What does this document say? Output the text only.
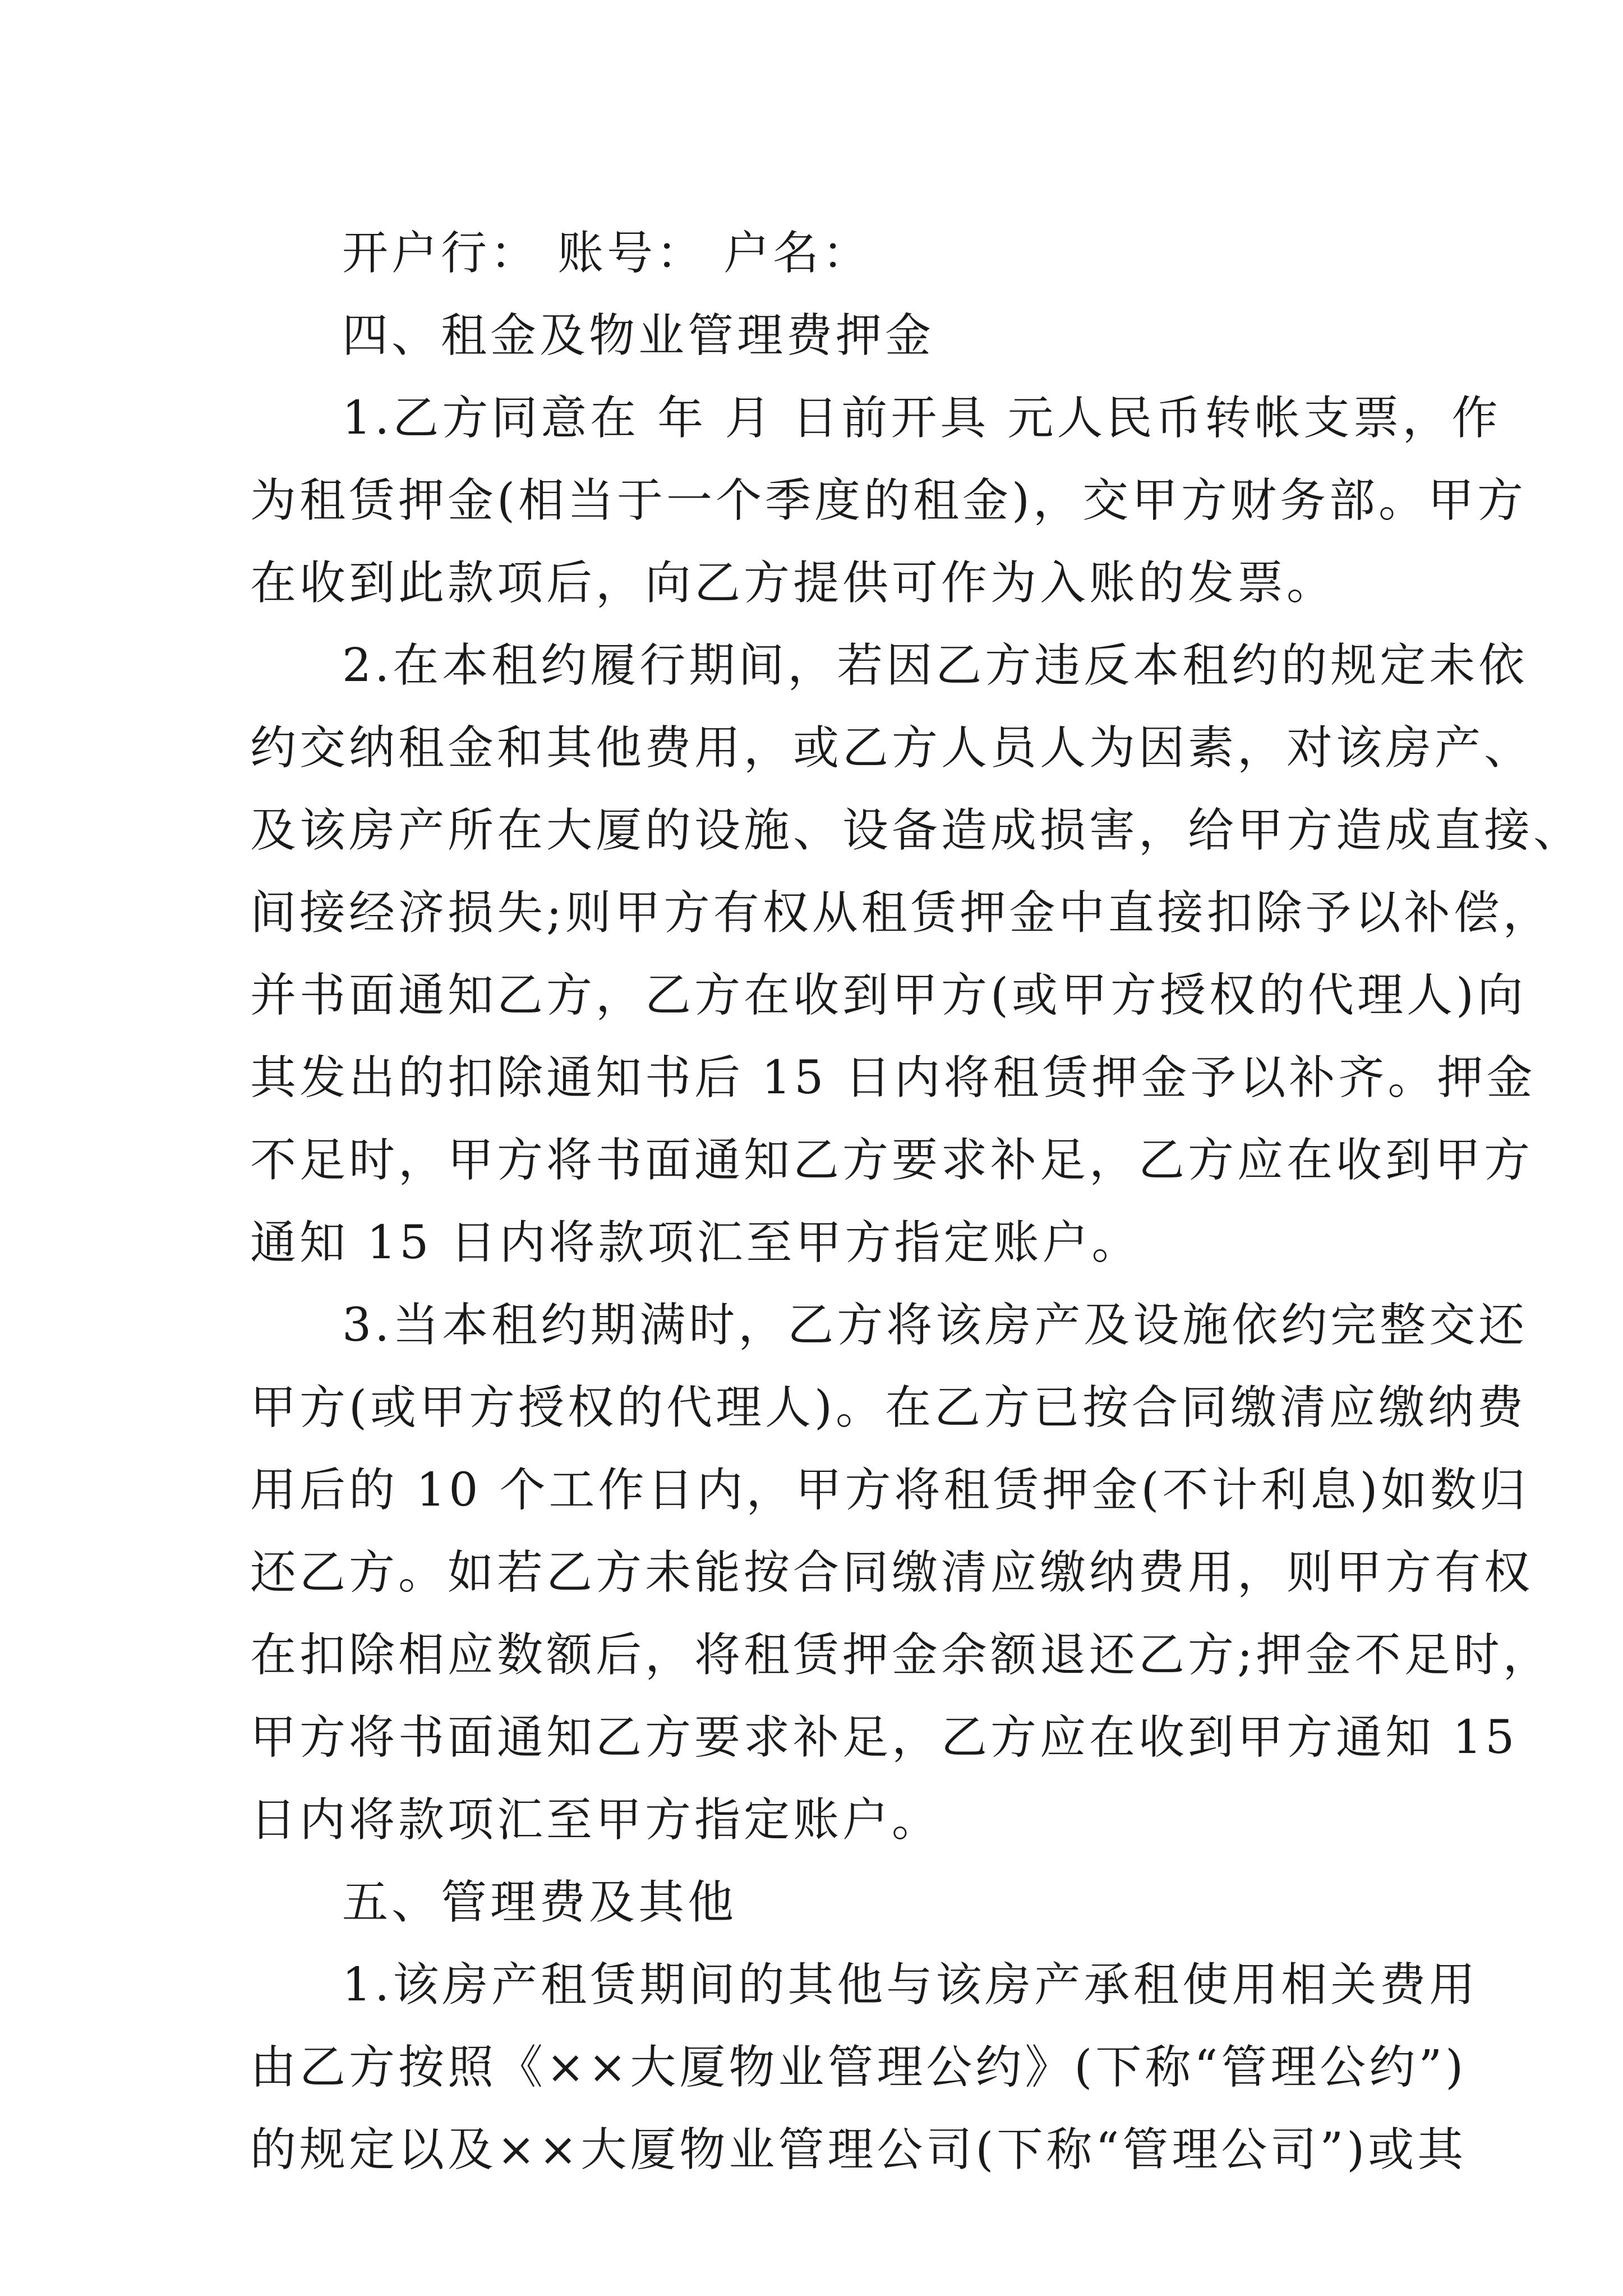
开户行： 账号： 户名：

四、租金及物业管理费押金

1.乙方同意在 年 月 日前开具 元人民币转帐支票，作

为租赁押金(相当于一个季度的租金)，交甲方财务部。甲方

在收到此款项后，向乙方提供可作为入账的发票。

2.在本租约履行期间，若因乙方违反本租约的规定未依

约交纳租金和其他费用，或乙方人员人为因素，对该房产、

及该房产所在大厦的设施、设备造成损害，给甲方造成直接、

间接经济损失;则甲方有权从租赁押金中直接扣除予以补偿，

并书面通知乙方，乙方在收到甲方(或甲方授权的代理人)向

其发出的扣除通知书后 15 日内将租赁押金予以补齐。押金

不足时，甲方将书面通知乙方要求补足，乙方应在收到甲方

通知 15 日内将款项汇至甲方指定账户。

3.当本租约期满时，乙方将该房产及设施依约完整交还

甲方(或甲方授权的代理人)。在乙方已按合同缴清应缴纳费

用后的 10 个工作日内，甲方将租赁押金(不计利息)如数归

还乙方。如若乙方未能按合同缴清应缴纳费用，则甲方有权

在扣除相应数额后，将租赁押金余额退还乙方;押金不足时，

甲方将书面通知乙方要求补足，乙方应在收到甲方通知 15

日内将款项汇至甲方指定账户。

五、管理费及其他

1.该房产租赁期间的其他与该房产承租使用相关费用

由乙方按照《××大厦物业管理公约》(下称“管理公约”)

的规定以及××大厦物业管理公司(下称“管理公司”)或其
